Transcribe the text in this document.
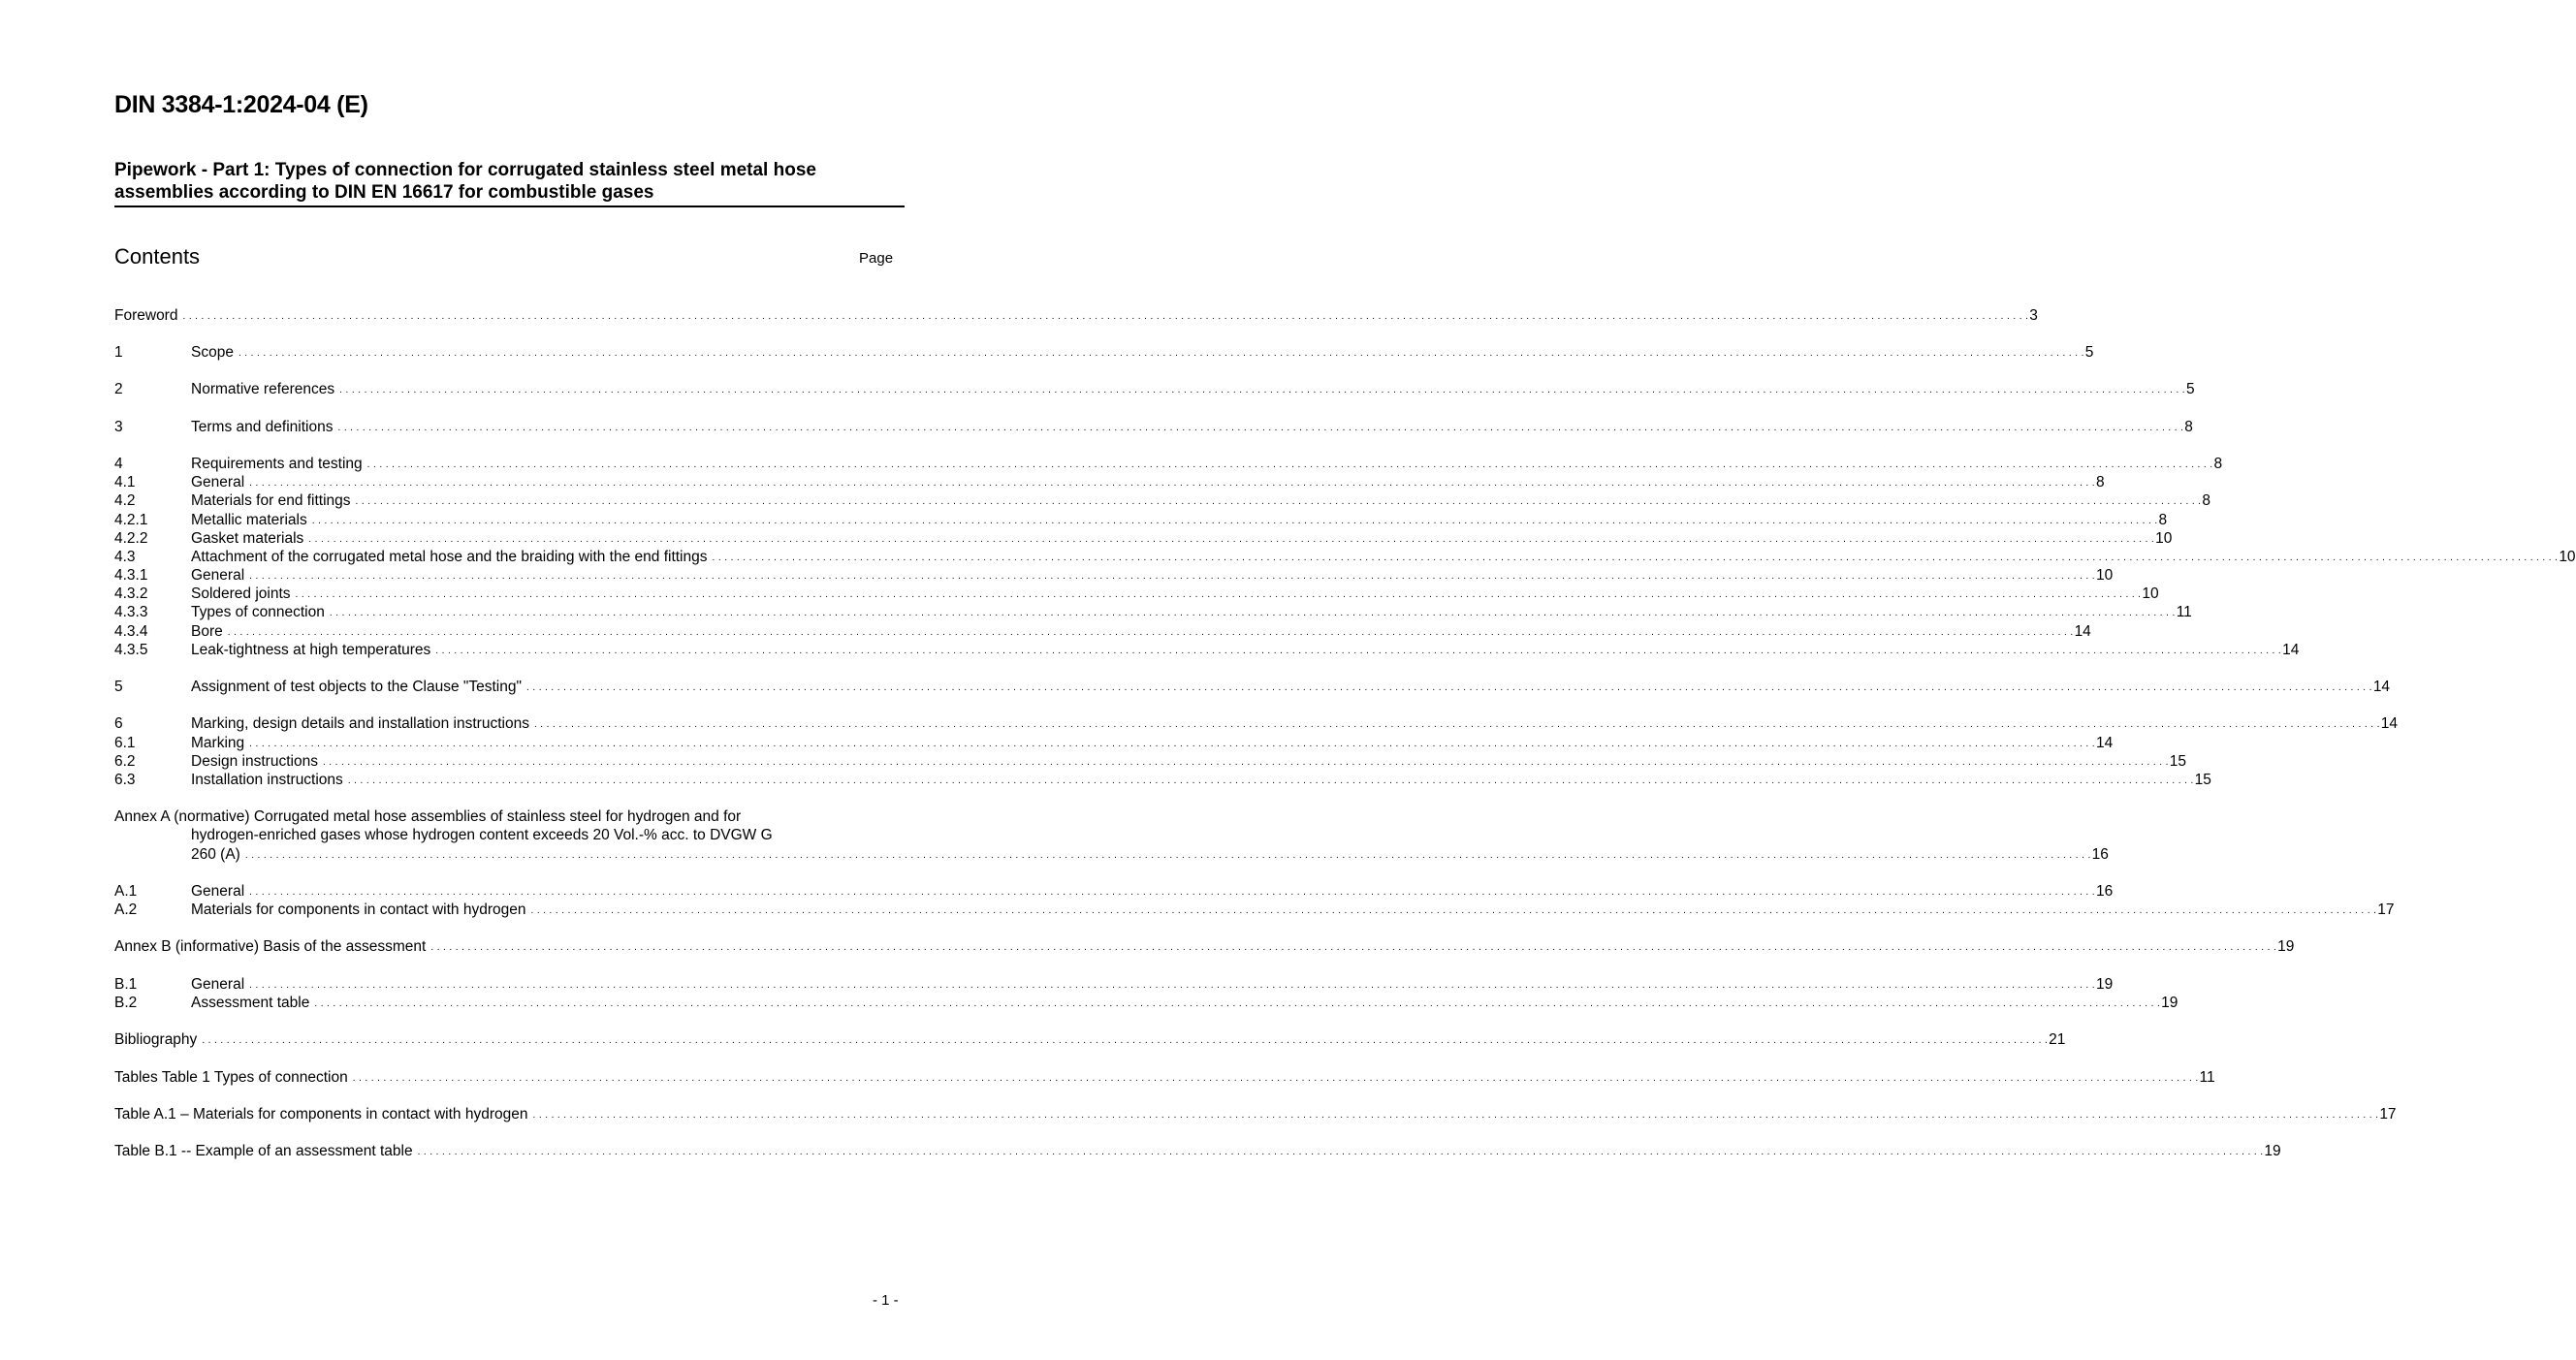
DIN 3384-1:2024-04 (E)
Pipework - Part 1: Types of connection for corrugated stainless steel metal hose
assemblies according to DIN EN 16617 for combustible gases
Contents	Page
Foreword . . . . . . . . . . . . . . . . . . . . . . . . . . . . . . . . . . . . . . . . . . . . . . . . . . . . . . . . . . . . . . . . . . . . . . . . . . . . . . . . . . . . . . . . . . . . . . . . . . . . . . . . . . . . . . . . . . . . . . . . . . . . . . . . . . . . . . . . . . . . . . . . . . . . . . . . . . . . . . . . . . . . . . . . . . . . . . . . . . . . . . . . . . . . . . . . . . . . . . . . . . . . . . . . . . . . . . . . . . . . . . . . . . . . . . . . . . . . . . . . . . . . . . . . . . . . . . . . . . . . . . . . . . . . . . . . . . . . . . . . . . . . . . . . . . . . . . . . . . . . 3
1	Scope . . . . . . . . . . . . . . . . . . . . . . . . . . . . . . . . . . . . . . . . . . . . . . . . . . . . . . . . . . . . . . . . . . . . . . . . . . . . . . . . . . . . . . . . . . . . . . . . . . . . . . . . . . . . . . . . . . . . . . . . . . . . . . . . . . . . . . . . . . . . . . . . . . . . . . . . . . . . . . . . . . . . . . . . . . . . . . . . . . . . . . . . . . . . . . . . . . . . . . . . . . . . . . . . . . . . . . . . . . . . . . . . . . . . . . . . . . . . . . . . . . . . . . . . . . . . . . . . . . . . . . . . . . . . . . . . . . . . . . . . . . . . . . . . . . . . . . . . . . . . 5
2	Normative references . . . . . . . . . . . . . . . . . . . . . . . . . . . . . . . . . . . . . . . . . . . . . . . . . . . . . . . . . . . . . . . . . . . . . . . . . . . . . . . . . . . . . . . . . . . . . . . . . . . . . . . . . . . . . . . . . . . . . . . . . . . . . . . . . . . . . . . . . . . . . . . . . . . . . . . . . . . . . . . . . . . . . . . . . . . . . . . . . . . . . . . . . . . . . . . . . . . . . . . . . . . . . . . . . . . . . . . . . . . . . . . . . . . . . . . . . . . . . . . . . . . . . . . . . . . . . . . . . . . . . . . . . . . . . . . . . . . . . . . . . . . . . . . . . . . . . . . . . . . . 5
3	Terms and definitions . . . . . . . . . . . . . . . . . . . . . . . . . . . . . . . . . . . . . . . . . . . . . . . . . . . . . . . . . . . . . . . . . . . . . . . . . . . . . . . . . . . . . . . . . . . . . . . . . . . . . . . . . . . . . . . . . . . . . . . . . . . . . . . . . . . . . . . . . . . . . . . . . . . . . . . . . . . . . . . . . . . . . . . . . . . . . . . . . . . . . . . . . . . . . . . . . . . . . . . . . . . . . . . . . . . . . . . . . . . . . . . . . . . . . . . . . . . . . . . . . . . . . . . . . . . . . . . . . . . . . . . . . . . . . . . . . . . . . . . . . . . . . . . . . . . . . . . . . . . . 8
4	Requirements and testing . . . . . . . . . . . . . . . . . . . . . . . . . . . . . . . . . . . . . . . . . . . . . . . . . . . . . . . . . . . . . . . . . . . . . . . . . . . . . . . . . . . . . . . . . . . . . . . . . . . . . . . . . . . . . . . . . . . . . . . . . . . . . . . . . . . . . . . . . . . . . . . . . . . . . . . . . . . . . . . . . . . . . . . . . . . . . . . . . . . . . . . . . . . . . . . . . . . . . . . . . . . . . . . . . . . . . . . . . . . . . . . . . . . . . . . . . . . . . . . . . . . . . . . . . . . . . . . . . . . . . . . . . . . . . . . . . . . . . . . . . . . . . . . . . . . . . . . . . . . . 8
4.1	General . . . . . . . . . . . . . . . . . . . . . . . . . . . . . . . . . . . . . . . . . . . . . . . . . . . . . . . . . . . . . . . . . . . . . . . . . . . . . . . . . . . . . . . . . . . . . . . . . . . . . . . . . . . . . . . . . . . . . . . . . . . . . . . . . . . . . . . . . . . . . . . . . . . . . . . . . . . . . . . . . . . . . . . . . . . . . . . . . . . . . . . . . . . . . . . . . . . . . . . . . . . . . . . . . . . . . . . . . . . . . . . . . . . . . . . . . . . . . . . . . . . . . . . . . . . . . . . . . . . . . . . . . . . . . . . . . . . . . . . . . . . . . . . . . . . . . . . . . . . . 8
4.2	Materials for end fittings . . . . . . . . . . . . . . . . . . . . . . . . . . . . . . . . . . . . . . . . . . . . . . . . . . . . . . . . . . . . . . . . . . . . . . . . . . . . . . . . . . . . . . . . . . . . . . . . . . . . . . . . . . . . . . . . . . . . . . . . . . . . . . . . . . . . . . . . . . . . . . . . . . . . . . . . . . . . . . . . . . . . . . . . . . . . . . . . . . . . . . . . . . . . . . . . . . . . . . . . . . . . . . . . . . . . . . . . . . . . . . . . . . . . . . . . . . . . . . . . . . . . . . . . . . . . . . . . . . . . . . . . . . . . . . . . . . . . . . . . . . . . . . . . . . . . . . . . . . . . 8
4.2.1	Metallic materials . . . . . . . . . . . . . . . . . . . . . . . . . . . . . . . . . . . . . . . . . . . . . . . . . . . . . . . . . . . . . . . . . . . . . . . . . . . . . . . . . . . . . . . . . . . . . . . . . . . . . . . . . . . . . . . . . . . . . . . . . . . . . . . . . . . . . . . . . . . . . . . . . . . . . . . . . . . . . . . . . . . . . . . . . . . . . . . . . . . . . . . . . . . . . . . . . . . . . . . . . . . . . . . . . . . . . . . . . . . . . . . . . . . . . . . . . . . . . . . . . . . . . . . . . . . . . . . . . . . . . . . . . . . . . . . . . . . . . . . . . . . . . . . . . . . . . . . . . . . . 8
4.2.2	Gasket materials . . . . . . . . . . . . . . . . . . . . . . . . . . . . . . . . . . . . . . . . . . . . . . . . . . . . . . . . . . . . . . . . . . . . . . . . . . . . . . . . . . . . . . . . . . . . . . . . . . . . . . . . . . . . . . . . . . . . . . . . . . . . . . . . . . . . . . . . . . . . . . . . . . . . . . . . . . . . . . . . . . . . . . . . . . . . . . . . . . . . . . . . . . . . . . . . . . . . . . . . . . . . . . . . . . . . . . . . . . . . . . . . . . . . . . . . . . . . . . . . . . . . . . . . . . . . . . . . . . . . . . . . . . . . . . . . . . . . . . . . . . . . . . . . . . . . . . . . . . . . 10
4.3	Attachment of the corrugated metal hose and the braiding with the end fittings . . . . . . . . . . . . . . . . . . . . . . . . . . . . . . . . . . . . . . . . . . . . . . . . . . . . . . . . . . . . . . . . . . . . . . . . . . . . . . . . . . . . . . . . . . . . . . . . . . . . . . . . . . . . . . . . . . . . . . . . . . . . . . . . . . . . . . . . . . . . . . . . . . . . . . . . . . . . . . . . . . . . . . . . . . . . . . . . . . . . . . . . . . . . . . . . . . . . . . . . . . . . . . . . . . . . . . . . . . . . . . . . . . . . . . . . . . . . . . . . . . . . . . . . . . . . . . . . . . . . . . . . . . . . . . . . . . . . . . . . . . . . . . . . . . . . . . . . . . . . 10
4.3.1	General . . . . . . . . . . . . . . . . . . . . . . . . . . . . . . . . . . . . . . . . . . . . . . . . . . . . . . . . . . . . . . . . . . . . . . . . . . . . . . . . . . . . . . . . . . . . . . . . . . . . . . . . . . . . . . . . . . . . . . . . . . . . . . . . . . . . . . . . . . . . . . . . . . . . . . . . . . . . . . . . . . . . . . . . . . . . . . . . . . . . . . . . . . . . . . . . . . . . . . . . . . . . . . . . . . . . . . . . . . . . . . . . . . . . . . . . . . . . . . . . . . . . . . . . . . . . . . . . . . . . . . . . . . . . . . . . . . . . . . . . . . . . . . . . . . . . . . . . . . . . 10
4.3.2	Soldered joints . . . . . . . . . . . . . . . . . . . . . . . . . . . . . . . . . . . . . . . . . . . . . . . . . . . . . . . . . . . . . . . . . . . . . . . . . . . . . . . . . . . . . . . . . . . . . . . . . . . . . . . . . . . . . . . . . . . . . . . . . . . . . . . . . . . . . . . . . . . . . . . . . . . . . . . . . . . . . . . . . . . . . . . . . . . . . . . . . . . . . . . . . . . . . . . . . . . . . . . . . . . . . . . . . . . . . . . . . . . . . . . . . . . . . . . . . . . . . . . . . . . . . . . . . . . . . . . . . . . . . . . . . . . . . . . . . . . . . . . . . . . . . . . . . . . . . . . . . . . . 10
4.3.3	Types of connection . . . . . . . . . . . . . . . . . . . . . . . . . . . . . . . . . . . . . . . . . . . . . . . . . . . . . . . . . . . . . . . . . . . . . . . . . . . . . . . . . . . . . . . . . . . . . . . . . . . . . . . . . . . . . . . . . . . . . . . . . . . . . . . . . . . . . . . . . . . . . . . . . . . . . . . . . . . . . . . . . . . . . . . . . . . . . . . . . . . . . . . . . . . . . . . . . . . . . . . . . . . . . . . . . . . . . . . . . . . . . . . . . . . . . . . . . . . . . . . . . . . . . . . . . . . . . . . . . . . . . . . . . . . . . . . . . . . . . . . . . . . . . . . . . . . . . . . . . . . . 11
4.3.4	Bore . . . . . . . . . . . . . . . . . . . . . . . . . . . . . . . . . . . . . . . . . . . . . . . . . . . . . . . . . . . . . . . . . . . . . . . . . . . . . . . . . . . . . . . . . . . . . . . . . . . . . . . . . . . . . . . . . . . . . . . . . . . . . . . . . . . . . . . . . . . . . . . . . . . . . . . . . . . . . . . . . . . . . . . . . . . . . . . . . . . . . . . . . . . . . . . . . . . . . . . . . . . . . . . . . . . . . . . . . . . . . . . . . . . . . . . . . . . . . . . . . . . . . . . . . . . . . . . . . . . . . . . . . . . . . . . . . . . . . . . . . . . . . . . . . . . . . . . . . . . . 14
4.3.5	Leak-tightness at high temperatures . . . . . . . . . . . . . . . . . . . . . . . . . . . . . . . . . . . . . . . . . . . . . . . . . . . . . . . . . . . . . . . . . . . . . . . . . . . . . . . . . . . . . . . . . . . . . . . . . . . . . . . . . . . . . . . . . . . . . . . . . . . . . . . . . . . . . . . . . . . . . . . . . . . . . . . . . . . . . . . . . . . . . . . . . . . . . . . . . . . . . . . . . . . . . . . . . . . . . . . . . . . . . . . . . . . . . . . . . . . . . . . . . . . . . . . . . . . . . . . . . . . . . . . . . . . . . . . . . . . . . . . . . . . . . . . . . . . . . . . . . . . . . . . . . . . . . . . . . . . . 14
5	Assignment of test objects to the Clause "Testing" . . . . . . . . . . . . . . . . . . . . . . . . . . . . . . . . . . . . . . . . . . . . . . . . . . . . . . . . . . . . . . . . . . . . . . . . . . . . . . . . . . . . . . . . . . . . . . . . . . . . . . . . . . . . . . . . . . . . . . . . . . . . . . . . . . . . . . . . . . . . . . . . . . . . . . . . . . . . . . . . . . . . . . . . . . . . . . . . . . . . . . . . . . . . . . . . . . . . . . . . . . . . . . . . . . . . . . . . . . . . . . . . . . . . . . . . . . . . . . . . . . . . . . . . . . . . . . . . . . . . . . . . . . . . . . . . . . . . . . . . . . . . . . . . . . . . . . . . . . . . 14
6	Marking, design details and installation instructions . . . . . . . . . . . . . . . . . . . . . . . . . . . . . . . . . . . . . . . . . . . . . . . . . . . . . . . . . . . . . . . . . . . . . . . . . . . . . . . . . . . . . . . . . . . . . . . . . . . . . . . . . . . . . . . . . . . . . . . . . . . . . . . . . . . . . . . . . . . . . . . . . . . . . . . . . . . . . . . . . . . . . . . . . . . . . . . . . . . . . . . . . . . . . . . . . . . . . . . . . . . . . . . . . . . . . . . . . . . . . . . . . . . . . . . . . . . . . . . . . . . . . . . . . . . . . . . . . . . . . . . . . . . . . . . . . . . . . . . . . . . . . . . . . . . . . . . . . . . . 14
6.1	Marking . . . . . . . . . . . . . . . . . . . . . . . . . . . . . . . . . . . . . . . . . . . . . . . . . . . . . . . . . . . . . . . . . . . . . . . . . . . . . . . . . . . . . . . . . . . . . . . . . . . . . . . . . . . . . . . . . . . . . . . . . . . . . . . . . . . . . . . . . . . . . . . . . . . . . . . . . . . . . . . . . . . . . . . . . . . . . . . . . . . . . . . . . . . . . . . . . . . . . . . . . . . . . . . . . . . . . . . . . . . . . . . . . . . . . . . . . . . . . . . . . . . . . . . . . . . . . . . . . . . . . . . . . . . . . . . . . . . . . . . . . . . . . . . . . . . . . . . . . . . . 14
6.2	Design instructions . . . . . . . . . . . . . . . . . . . . . . . . . . . . . . . . . . . . . . . . . . . . . . . . . . . . . . . . . . . . . . . . . . . . . . . . . . . . . . . . . . . . . . . . . . . . . . . . . . . . . . . . . . . . . . . . . . . . . . . . . . . . . . . . . . . . . . . . . . . . . . . . . . . . . . . . . . . . . . . . . . . . . . . . . . . . . . . . . . . . . . . . . . . . . . . . . . . . . . . . . . . . . . . . . . . . . . . . . . . . . . . . . . . . . . . . . . . . . . . . . . . . . . . . . . . . . . . . . . . . . . . . . . . . . . . . . . . . . . . . . . . . . . . . . . . . . . . . . . . . 15
6.3	Installation instructions . . . . . . . . . . . . . . . . . . . . . . . . . . . . . . . . . . . . . . . . . . . . . . . . . . . . . . . . . . . . . . . . . . . . . . . . . . . . . . . . . . . . . . . . . . . . . . . . . . . . . . . . . . . . . . . . . . . . . . . . . . . . . . . . . . . . . . . . . . . . . . . . . . . . . . . . . . . . . . . . . . . . . . . . . . . . . . . . . . . . . . . . . . . . . . . . . . . . . . . . . . . . . . . . . . . . . . . . . . . . . . . . . . . . . . . . . . . . . . . . . . . . . . . . . . . . . . . . . . . . . . . . . . . . . . . . . . . . . . . . . . . . . . . . . . . . . . . . . . . . 15
A.1	General . . . . . . . . . . . . . . . . . . . . . . . . . . . . . . . . . . . . . . . . . . . . . . . . . . . . . . . . . . . . . . . . . . . . . . . . . . . . . . . . . . . . . . . . . . . . . . . . . . . . . . . . . . . . . . . . . . . . . . . . . . . . . . . . . . . . . . . . . . . . . . . . . . . . . . . . . . . . . . . . . . . . . . . . . . . . . . . . . . . . . . . . . . . . . . . . . . . . . . . . . . . . . . . . . . . . . . . . . . . . . . . . . . . . . . . . . . . . . . . . . . . . . . . . . . . . . . . . . . . . . . . . . . . . . . . . . . . . . . . . . . . . . . . . . . . . . . . . . . . . 16
A.2	Materials for components in contact with hydrogen . . . . . . . . . . . . . . . . . . . . . . . . . . . . . . . . . . . . . . . . . . . . . . . . . . . . . . . . . . . . . . . . . . . . . . . . . . . . . . . . . . . . . . . . . . . . . . . . . . . . . . . . . . . . . . . . . . . . . . . . . . . . . . . . . . . . . . . . . . . . . . . . . . . . . . . . . . . . . . . . . . . . . . . . . . . . . . . . . . . . . . . . . . . . . . . . . . . . . . . . . . . . . . . . . . . . . . . . . . . . . . . . . . . . . . . . . . . . . . . . . . . . . . . . . . . . . . . . . . . . . . . . . . . . . . . . . . . . . . . . . . . . . . . . . . . . . . . . . . . . 17
Annex B (informative) Basis of the assessment . . . . . . . . . . . . . . . . . . . . . . . . . . . . . . . . . . . . . . . . . . . . . . . . . . . . . . . . . . . . . . . . . . . . . . . . . . . . . . . . . . . . . . . . . . . . . . . . . . . . . . . . . . . . . . . . . . . . . . . . . . . . . . . . . . . . . . . . . . . . . . . . . . . . . . . . . . . . . . . . . . . . . . . . . . . . . . . . . . . . . . . . . . . . . . . . . . . . . . . . . . . . . . . . . . . . . . . . . . . . . . . . . . . . . . . . . . . . . . . . . . . . . . . . . . . . . . . . . . . . . . . . . . . . . . . . . . . . . . . . . . . . . . . . . . . . . . . . . . . . 19
B.1	General . . . . . . . . . . . . . . . . . . . . . . . . . . . . . . . . . . . . . . . . . . . . . . . . . . . . . . . . . . . . . . . . . . . . . . . . . . . . . . . . . . . . . . . . . . . . . . . . . . . . . . . . . . . . . . . . . . . . . . . . . . . . . . . . . . . . . . . . . . . . . . . . . . . . . . . . . . . . . . . . . . . . . . . . . . . . . . . . . . . . . . . . . . . . . . . . . . . . . . . . . . . . . . . . . . . . . . . . . . . . . . . . . . . . . . . . . . . . . . . . . . . . . . . . . . . . . . . . . . . . . . . . . . . . . . . . . . . . . . . . . . . . . . . . . . . . . . . . . . . . 19
B.2	Assessment table . . . . . . . . . . . . . . . . . . . . . . . . . . . . . . . . . . . . . . . . . . . . . . . . . . . . . . . . . . . . . . . . . . . . . . . . . . . . . . . . . . . . . . . . . . . . . . . . . . . . . . . . . . . . . . . . . . . . . . . . . . . . . . . . . . . . . . . . . . . . . . . . . . . . . . . . . . . . . . . . . . . . . . . . . . . . . . . . . . . . . . . . . . . . . . . . . . . . . . . . . . . . . . . . . . . . . . . . . . . . . . . . . . . . . . . . . . . . . . . . . . . . . . . . . . . . . . . . . . . . . . . . . . . . . . . . . . . . . . . . . . . . . . . . . . . . . . . . . . . . 19
Bibliography . . . . . . . . . . . . . . . . . . . . . . . . . . . . . . . . . . . . . . . . . . . . . . . . . . . . . . . . . . . . . . . . . . . . . . . . . . . . . . . . . . . . . . . . . . . . . . . . . . . . . . . . . . . . . . . . . . . . . . . . . . . . . . . . . . . . . . . . . . . . . . . . . . . . . . . . . . . . . . . . . . . . . . . . . . . . . . . . . . . . . . . . . . . . . . . . . . . . . . . . . . . . . . . . . . . . . . . . . . . . . . . . . . . . . . . . . . . . . . . . . . . . . . . . . . . . . . . . . . . . . . . . . . . . . . . . . . . . . . . . . . . . . . . . . . . . . . . . . . . . 21
Tables Table 1 Types of connection . . . . . . . . . . . . . . . . . . . . . . . . . . . . . . . . . . . . . . . . . . . . . . . . . . . . . . . . . . . . . . . . . . . . . . . . . . . . . . . . . . . . . . . . . . . . . . . . . . . . . . . . . . . . . . . . . . . . . . . . . . . . . . . . . . . . . . . . . . . . . . . . . . . . . . . . . . . . . . . . . . . . . . . . . . . . . . . . . . . . . . . . . . . . . . . . . . . . . . . . . . . . . . . . . . . . . . . . . . . . . . . . . . . . . . . . . . . . . . . . . . . . . . . . . . . . . . . . . . . . . . . . . . . . . . . . . . . . . . . . . . . . . . . . . . . . . . . . . . . . 11
Table A.1 – Materials for components in contact with hydrogen . . . . . . . . . . . . . . . . . . . . . . . . . . . . . . . . . . . . . . . . . . . . . . . . . . . . . . . . . . . . . . . . . . . . . . . . . . . . . . . . . . . . . . . . . . . . . . . . . . . . . . . . . . . . . . . . . . . . . . . . . . . . . . . . . . . . . . . . . . . . . . . . . . . . . . . . . . . . . . . . . . . . . . . . . . . . . . . . . . . . . . . . . . . . . . . . . . . . . . . . . . . . . . . . . . . . . . . . . . . . . . . . . . . . . . . . . . . . . . . . . . . . . . . . . . . . . . . . . . . . . . . . . . . . . . . . . . . . . . . . . . . . . . . . . . . . . . . . . . . . 17
Table B.1 -- Example of an assessment table . . . . . . . . . . . . . . . . . . . . . . . . . . . . . . . . . . . . . . . . . . . . . . . . . . . . . . . . . . . . . . . . . . . . . . . . . . . . . . . . . . . . . . . . . . . . . . . . . . . . . . . . . . . . . . . . . . . . . . . . . . . . . . . . . . . . . . . . . . . . . . . . . . . . . . . . . . . . . . . . . . . . . . . . . . . . . . . . . . . . . . . . . . . . . . . . . . . . . . . . . . . . . . . . . . . . . . . . . . . . . . . . . . . . . . . . . . . . . . . . . . . . . . . . . . . . . . . . . . . . . . . . . . . . . . . . . . . . . . . . . . . . . . . . . . . . . . . . . . . . 19
Annex A (normative) Corrugated metal hose assemblies of stainless steel for hydrogen and for
hydrogen-enriched gases whose hydrogen content exceeds 20 Vol.-% acc. to DVGW G
260 (A) . . . . . . . . . . . . . . . . . . . . . . . . . . . . . . . . . . . . . . . . . . . . . . . . . . . . . . . . . . . . . . . . . . . . . . . . . . . . . . . . . . . . . . . . . . . . . . . . . . . . . . . . . . . . . . . . . . . . . . . . . . . . . . . . . . . . . . . . . . . . . . . . . . . . . . . . . . . . . . . . . . . . . . . . . . . . . . . . . . . . . . . . . . . . . . . . . . . . . . . . . . . . . . . . . . . . . . . . . . . . . . . . . . . . . . . . . . . . . . . . . . . . . . . . . . . . . . . . . . . . . . . . . . . . . . . . . . . . . . . . . . . . . . . . . . . . . . . . . . . . 16
- 1 -
